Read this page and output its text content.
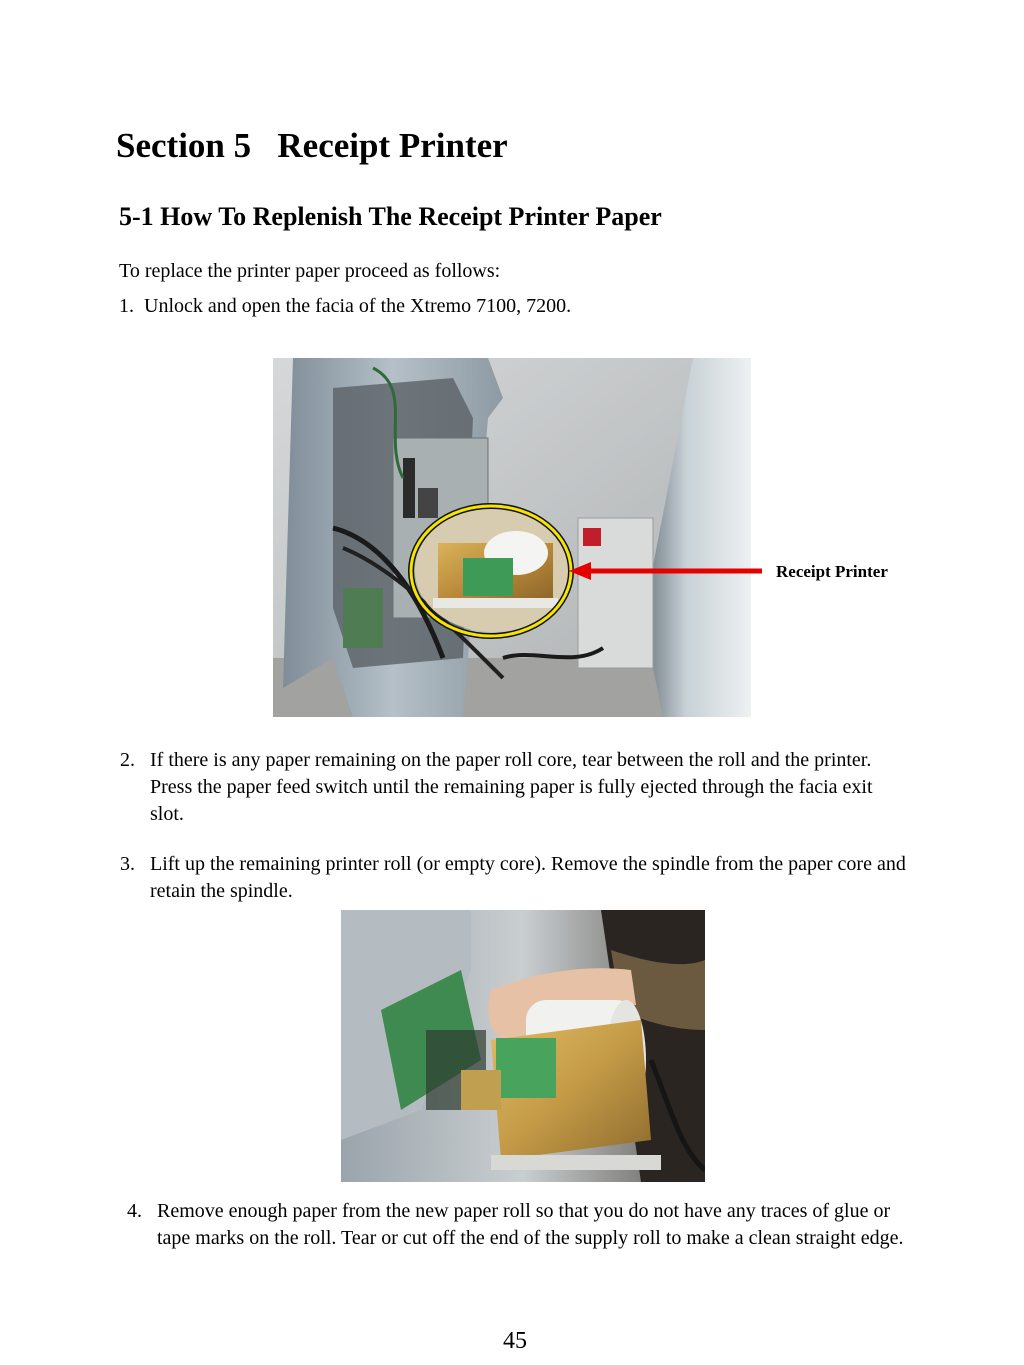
Section 5   Receipt Printer
5-1 How To Replenish The Receipt Printer Paper
To replace the printer paper proceed as follows:
1. Unlock and open the facia of the Xtremo 7100, 7200.
Receipt Printer
2. If there is any paper remaining on the paper roll core, tear between the roll and the printer. Press the paper feed switch until the remaining paper is fully ejected through the facia exit slot.
3. Lift up the remaining printer roll (or empty core). Remove the spindle from the paper core and retain the spindle.
4. Remove enough paper from the new paper roll so that you do not have any traces of glue or tape marks on the roll. Tear or cut off the end of the supply roll to make a clean straight edge.
45
